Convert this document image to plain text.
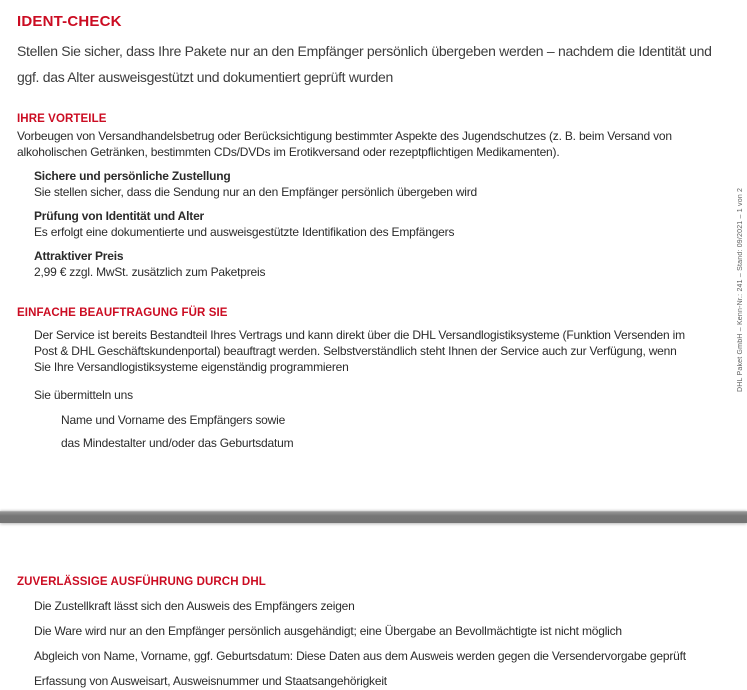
IDENT-CHECK

Stellen Sie sicher, dass Ihre Pakete nur an den Empfänger persönlich übergeben werden – nachdem die Identität und ggf. das Alter ausweisgestützt und dokumentiert geprüft wurden

IHRE VORTEILE

Vorbeugen von Versandhandelsbetrug oder Berücksichtigung bestimmter Aspekte des Jugendschutzes (z. B. beim Versand von alkoholischen Getränken, bestimmten CDs/DVDs im Erotikversand oder rezeptpflichtigen Medikamenten).

Sichere und persönliche Zustellung
Sie stellen sicher, dass die Sendung nur an den Empfänger persönlich übergeben wird
Prüfung von Identität und Alter
Es erfolgt eine dokumentierte und ausweisgestützte Identifikation des Empfängers
Attraktiver Preis
2,99 € zzgl. MwSt. zusätzlich zum Paketpreis
EINFACHE BEAUFTRAGUNG FÜR SIE
Der Service ist bereits Bestandteil Ihres Vertrags und kann direkt über die DHL Versandlogistiksysteme (Funktion Versenden im Post & DHL Geschäftskundenportal) beauftragt werden. Selbstverständlich steht Ihnen der Service auch zur Verfügung, wenn Sie Ihre Versandlogistiksysteme eigenständig programmieren
Sie übermitteln uns
Name und Vorname des Empfängers sowie
das Mindestalter und/oder das Geburtsdatum
DHL Paket GmbH – Kenn-Nr.: 241 – Stand: 09/2021 – 1 von 2
ZUVERLÄSSIGE AUSFÜHRUNG DURCH DHL
Die Zustellkraft lässt sich den Ausweis des Empfängers zeigen
Die Ware wird nur an den Empfänger persönlich ausgehändigt; eine Übergabe an Bevollmächtigte ist nicht möglich
Abgleich von Name, Vorname, ggf. Geburtsdatum: Diese Daten aus dem Ausweis werden gegen die Versendervorgabe geprüft
Erfassung von Ausweisart, Ausweisnummer und Staatsangehörigkeit
